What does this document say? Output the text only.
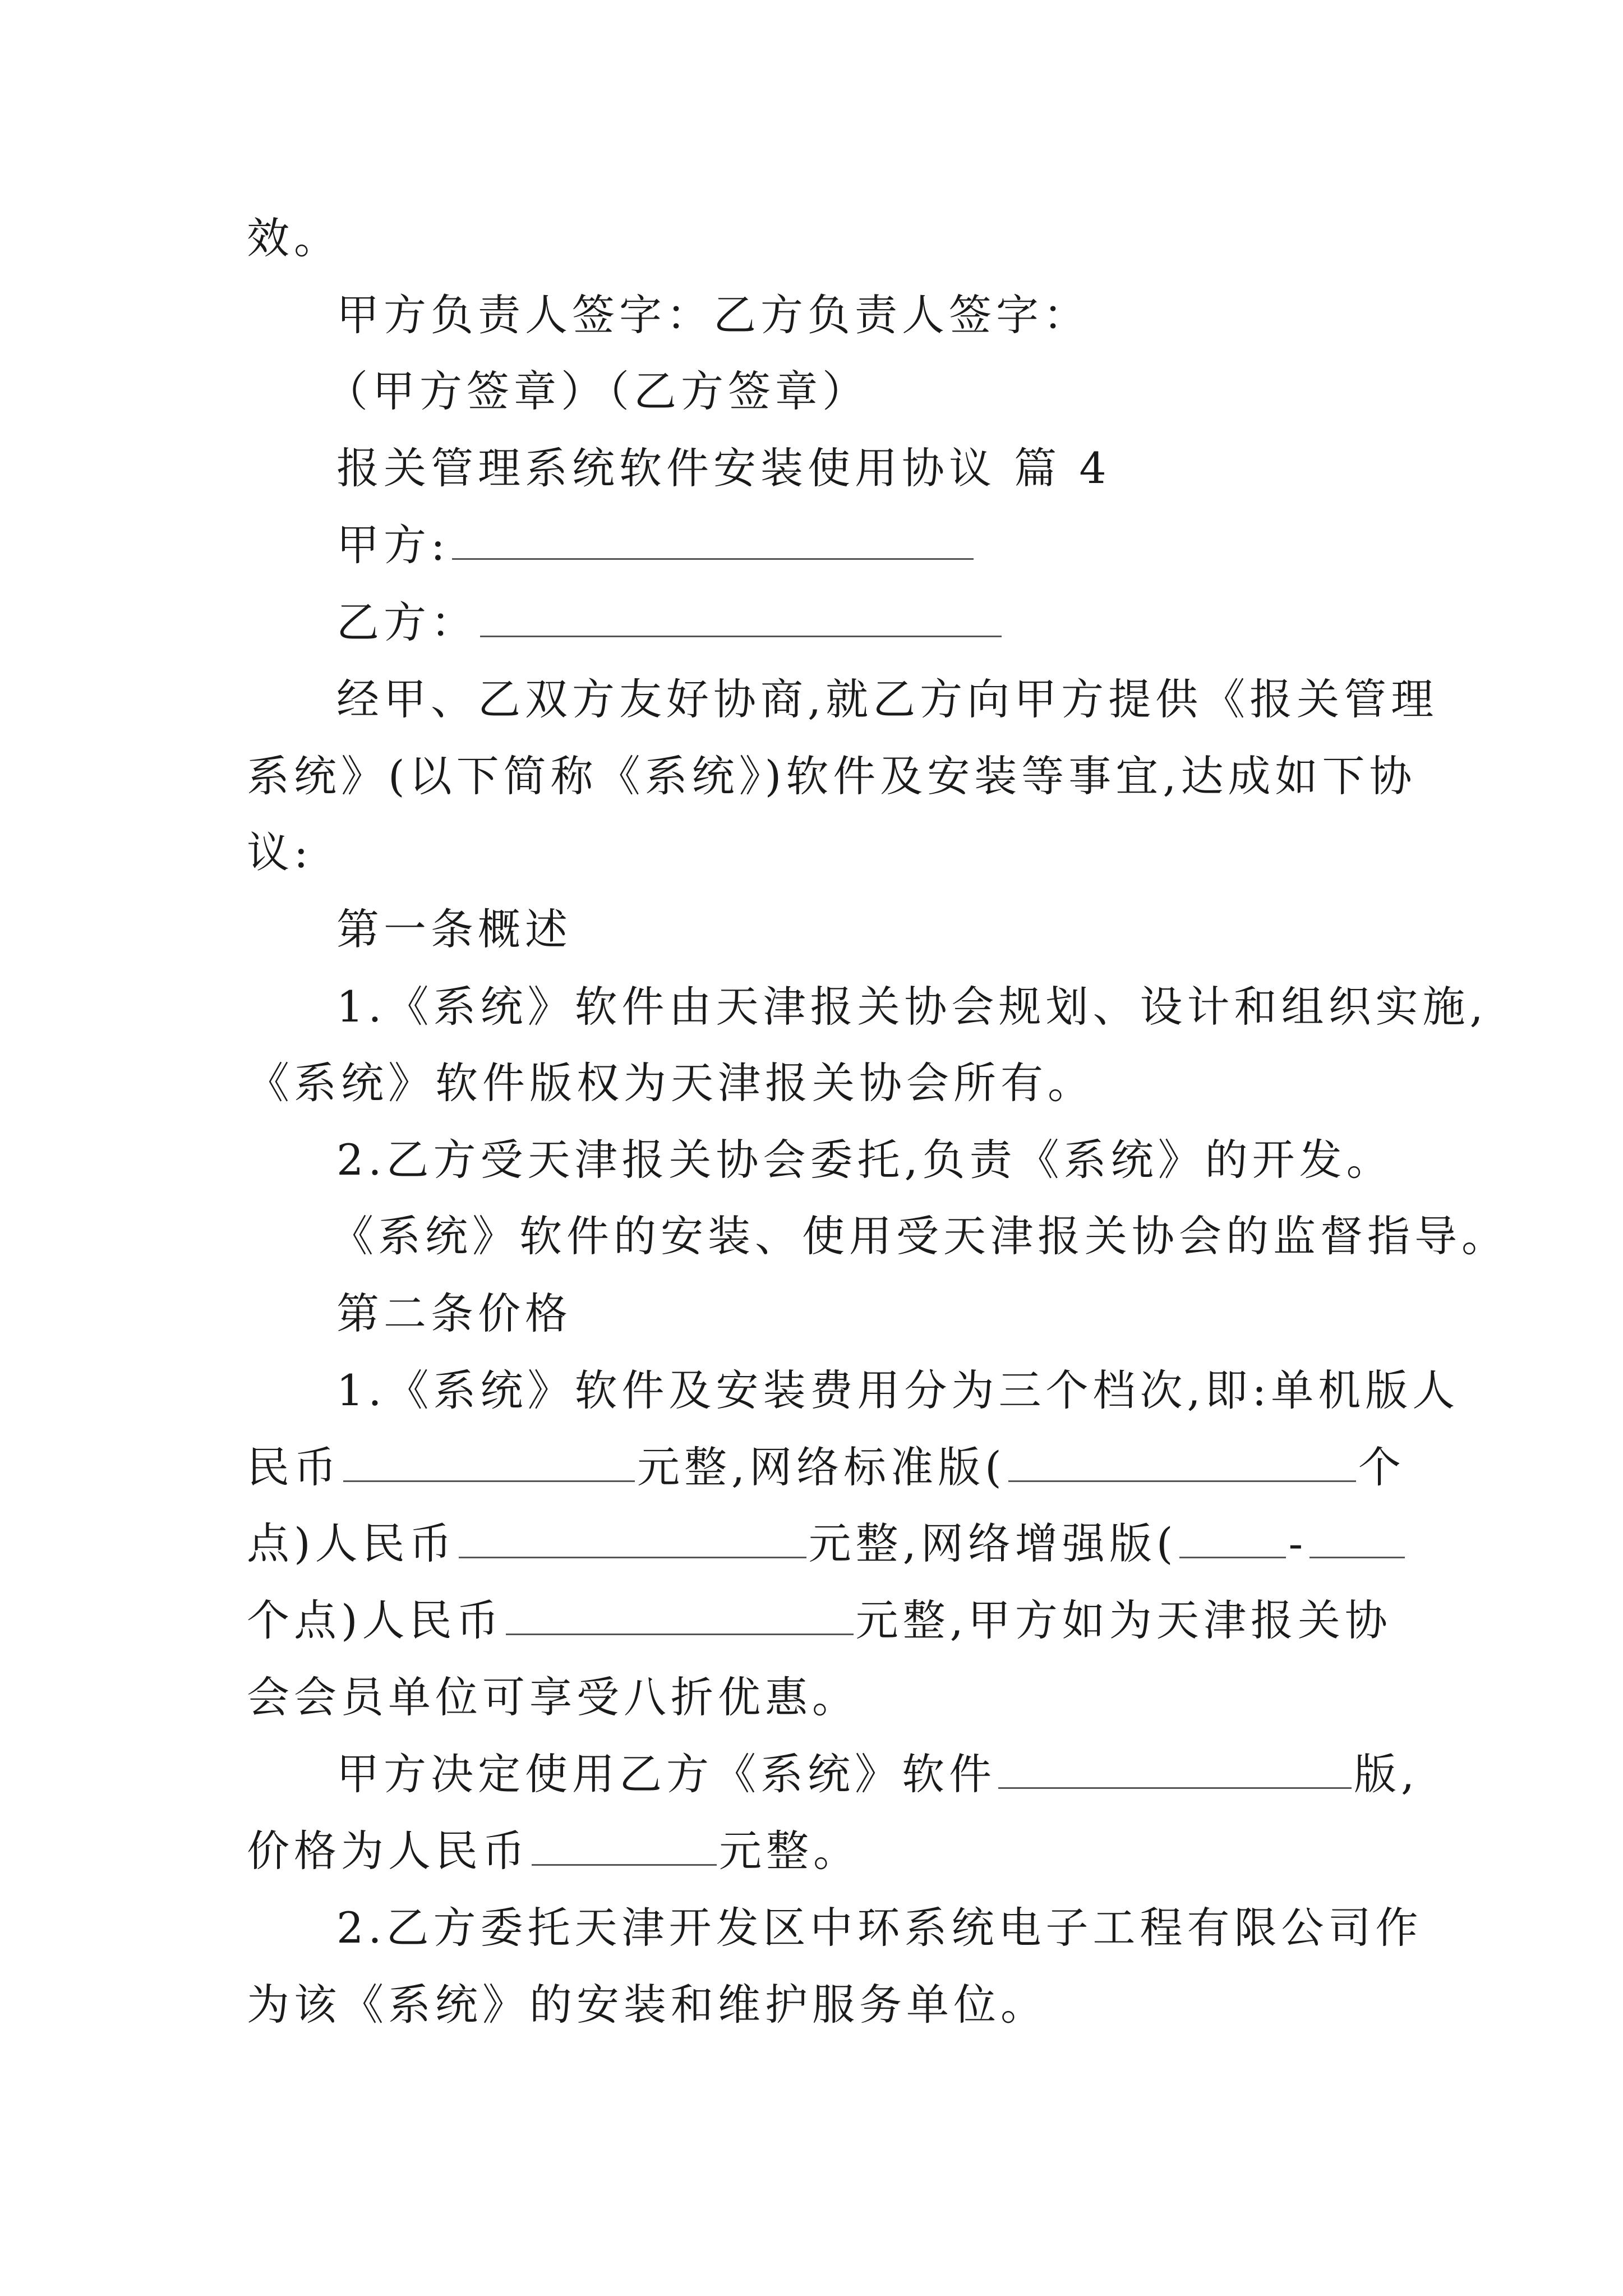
效。
甲方负责人签字：乙方负责人签字：
（甲方签章）（乙方签章）
报关管理系统软件安装使用协议 篇 4
甲方:
乙方：
经甲、乙双方友好协商,就乙方向甲方提供《报关管理
系统》(以下简称《系统》)软件及安装等事宜,达成如下协
议:
第一条概述
1.《系统》软件由天津报关协会规划、设计和组织实施,
《系统》软件版权为天津报关协会所有。
2.乙方受天津报关协会委托,负责《系统》的开发。
《系统》软件的安装、使用受天津报关协会的监督指导。
第二条价格
1.《系统》软件及安装费用分为三个档次,即:单机版人
民币	元整,网络标准版(	个
点)人民币	元整,网络增强版(	-
个点)人民币	元整,甲方如为天津报关协
会会员单位可享受八折优惠。
甲方决定使用乙方《系统》软件	版,
价格为人民币	元整。
2.乙方委托天津开发区中环系统电子工程有限公司作
为该《系统》的安装和维护服务单位。
